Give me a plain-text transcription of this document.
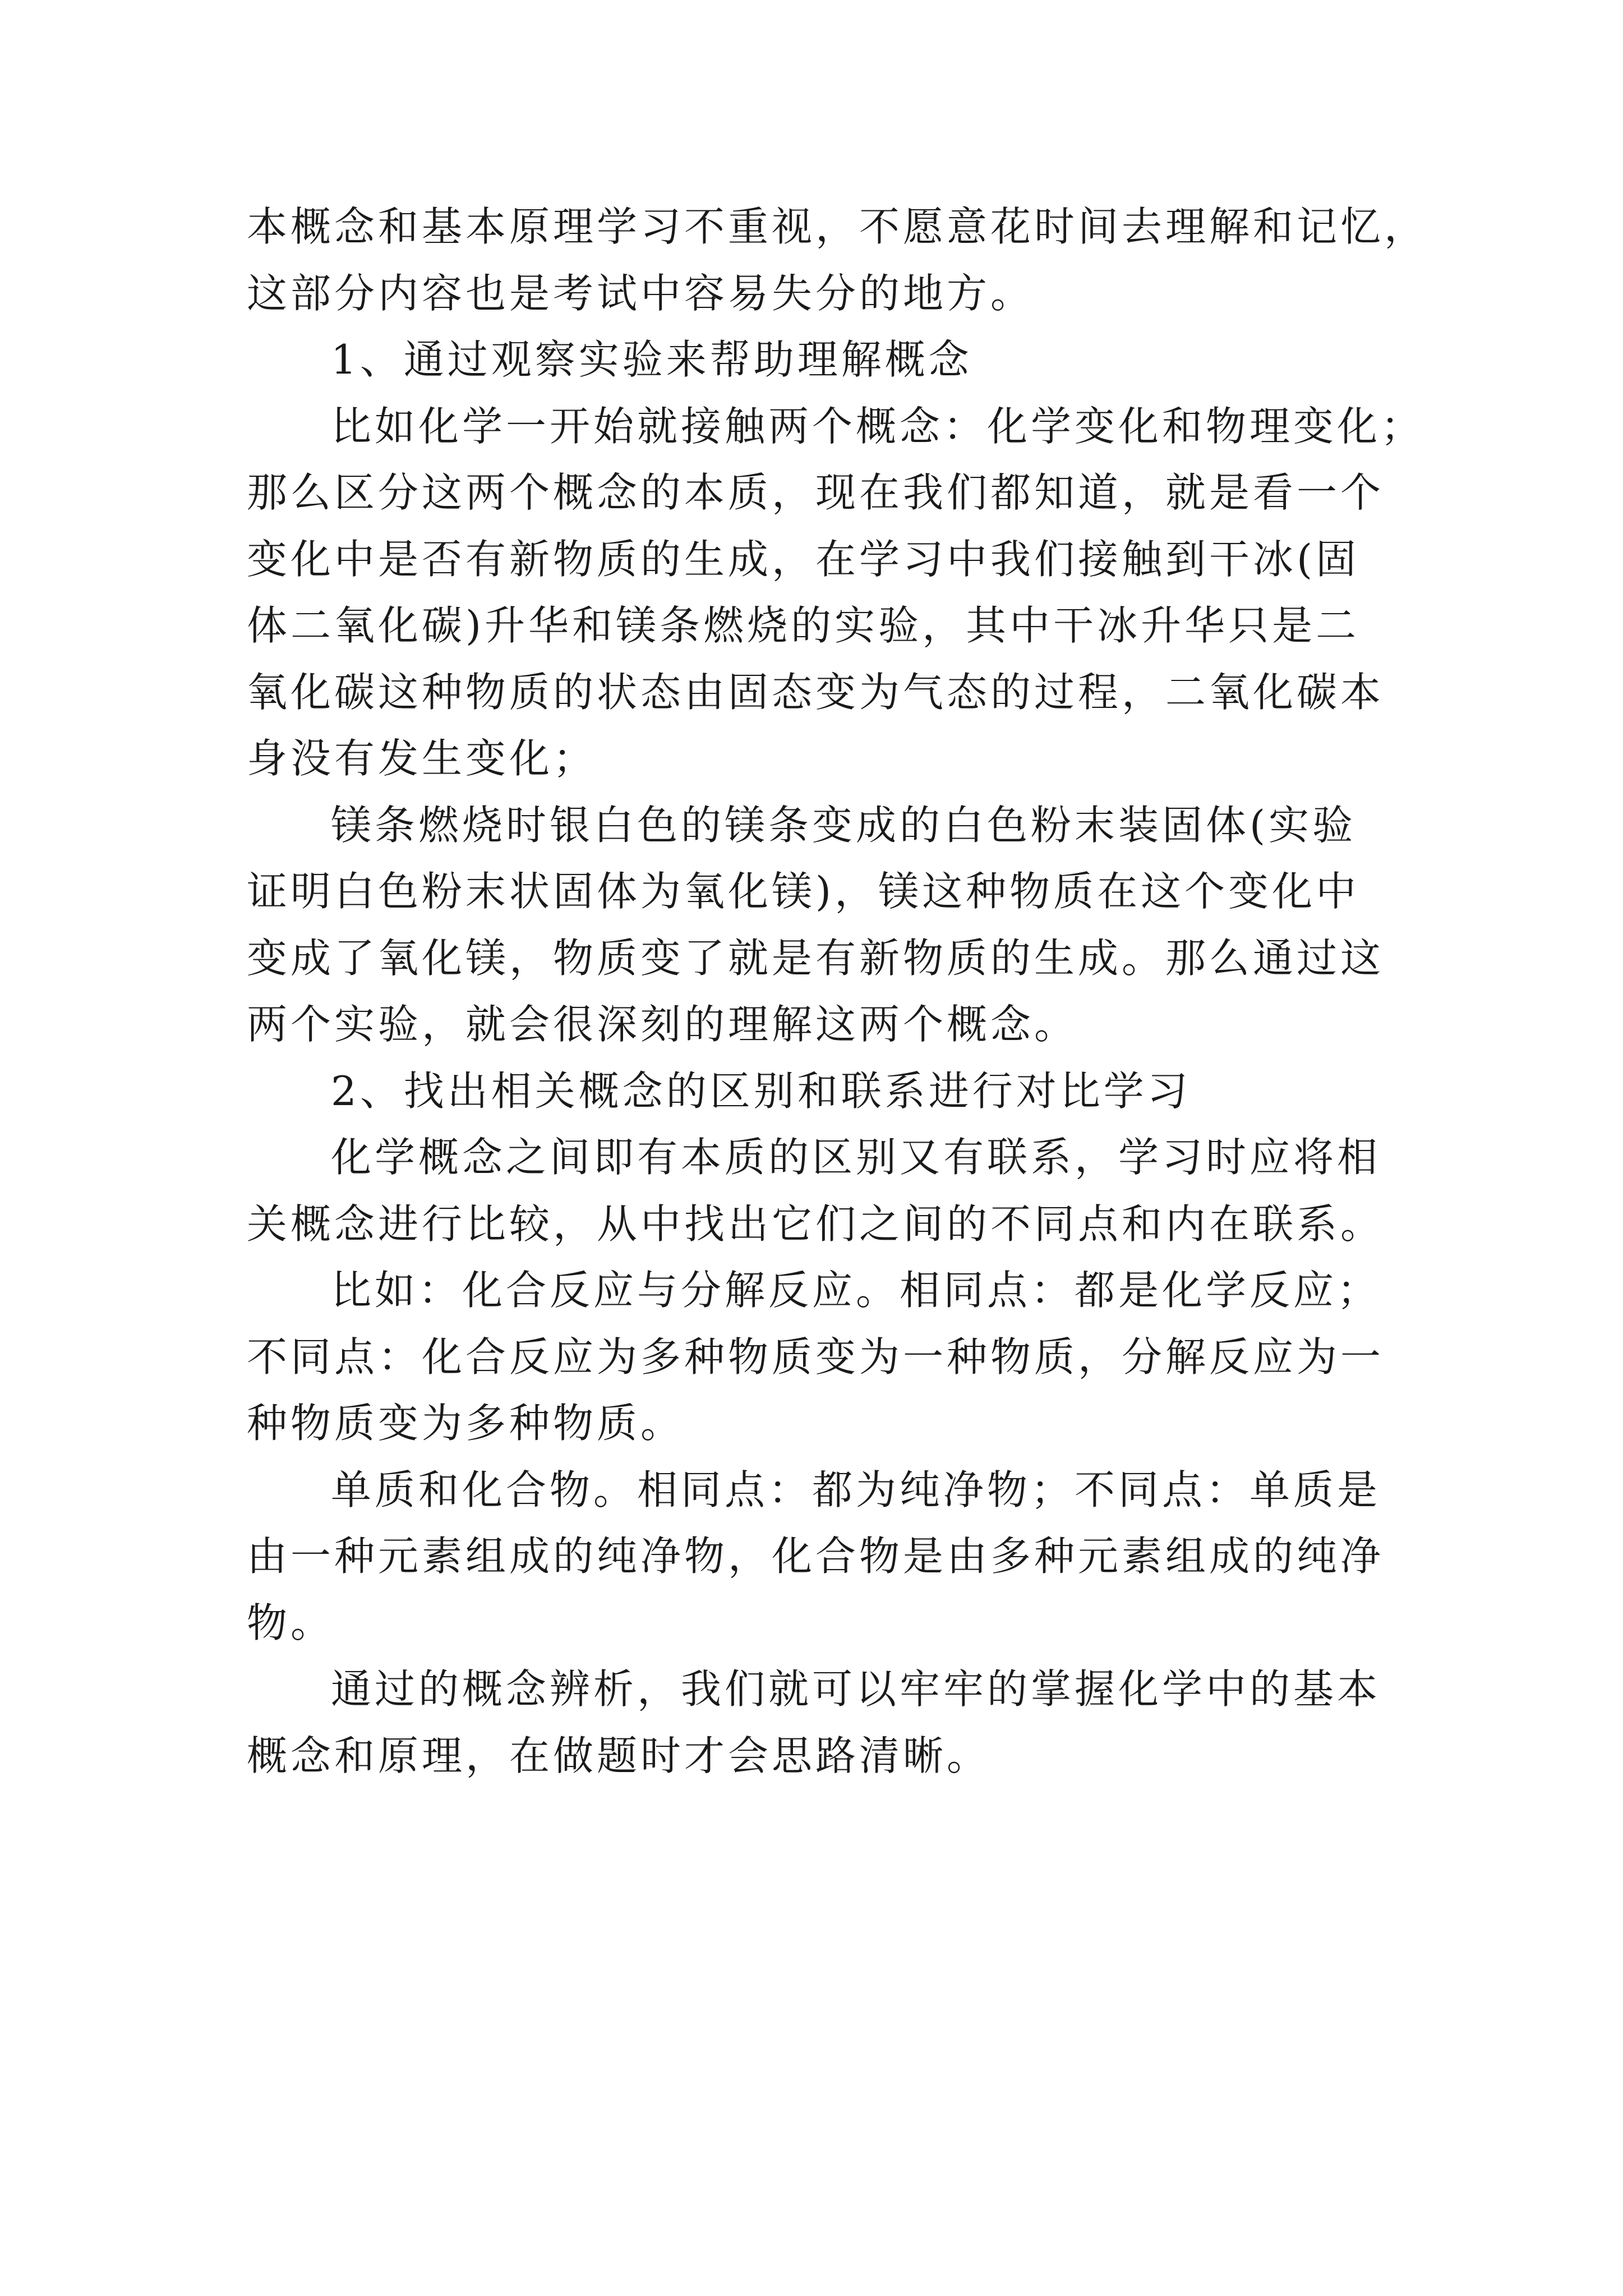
本概念和基本原理学习不重视，不愿意花时间去理解和记忆，
这部分内容也是考试中容易失分的地方。
1、通过观察实验来帮助理解概念
比如化学一开始就接触两个概念：化学变化和物理变化；
那么区分这两个概念的本质，现在我们都知道，就是看一个
变化中是否有新物质的生成，在学习中我们接触到干冰(固
体二氧化碳)升华和镁条燃烧的实验，其中干冰升华只是二
氧化碳这种物质的状态由固态变为气态的过程，二氧化碳本
身没有发生变化；
镁条燃烧时银白色的镁条变成的白色粉末装固体(实验
证明白色粉末状固体为氧化镁)，镁这种物质在这个变化中
变成了氧化镁，物质变了就是有新物质的生成。那么通过这
两个实验，就会很深刻的理解这两个概念。
2、找出相关概念的区别和联系进行对比学习
化学概念之间即有本质的区别又有联系，学习时应将相
关概念进行比较，从中找出它们之间的不同点和内在联系。
比如：化合反应与分解反应。相同点：都是化学反应；
不同点：化合反应为多种物质变为一种物质，分解反应为一
种物质变为多种物质。
单质和化合物。相同点：都为纯净物；不同点：单质是
由一种元素组成的纯净物，化合物是由多种元素组成的纯净
物。
通过的概念辨析，我们就可以牢牢的掌握化学中的基本
概念和原理，在做题时才会思路清晰。
